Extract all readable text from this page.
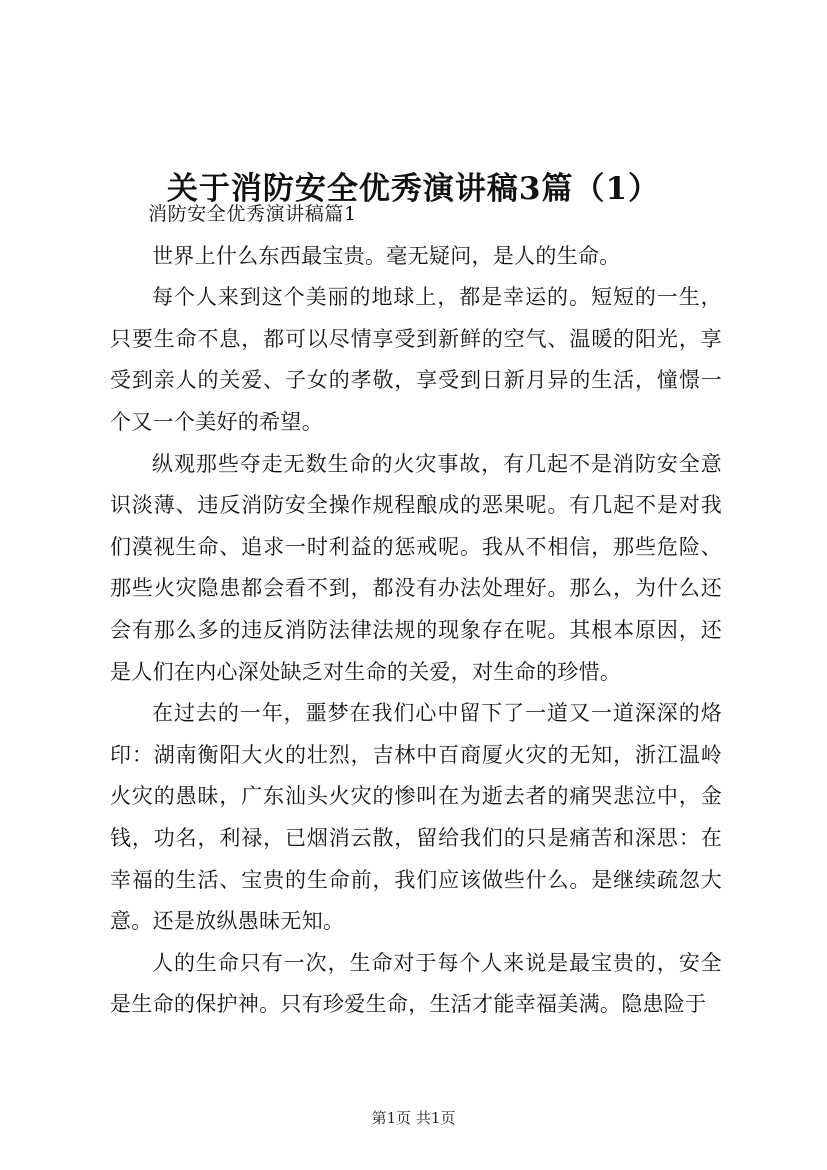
关于消防安全优秀演讲稿3篇（1）

消防安全优秀演讲稿篇1

世界上什么东西最宝贵。毫无疑问，是人的生命。

每个人来到这个美丽的地球上，都是幸运的。短短的一生，只要生命不息，都可以尽情享受到新鲜的空气、温暖的阳光，享受到亲人的关爱、子女的孝敬，享受到日新月异的生活，憧憬一个又一个美好的希望。

纵观那些夺走无数生命的火灾事故，有几起不是消防安全意识淡薄、违反消防安全操作规程酿成的恶果呢。有几起不是对我们漠视生命、追求一时利益的惩戒呢。我从不相信，那些危险、那些火灾隐患都会看不到，都没有办法处理好。那么，为什么还会有那么多的违反消防法律法规的现象存在呢。其根本原因，还是人们在内心深处缺乏对生命的关爱，对生命的珍惜。

在过去的一年，噩梦在我们心中留下了一道又一道深深的烙印：湖南衡阳大火的壮烈，吉林中百商厦火灾的无知，浙江温岭火灾的愚昧，广东汕头火灾的惨叫在为逝去者的痛哭悲泣中，金钱，功名，利禄，已烟消云散，留给我们的只是痛苦和深思：在幸福的生活、宝贵的生命前，我们应该做些什么。是继续疏忽大意。还是放纵愚昧无知。

人的生命只有一次，生命对于每个人来说是最宝贵的，安全是生命的保护神。只有珍爱生命，生活才能幸福美满。隐患险于

第1页 共1页
